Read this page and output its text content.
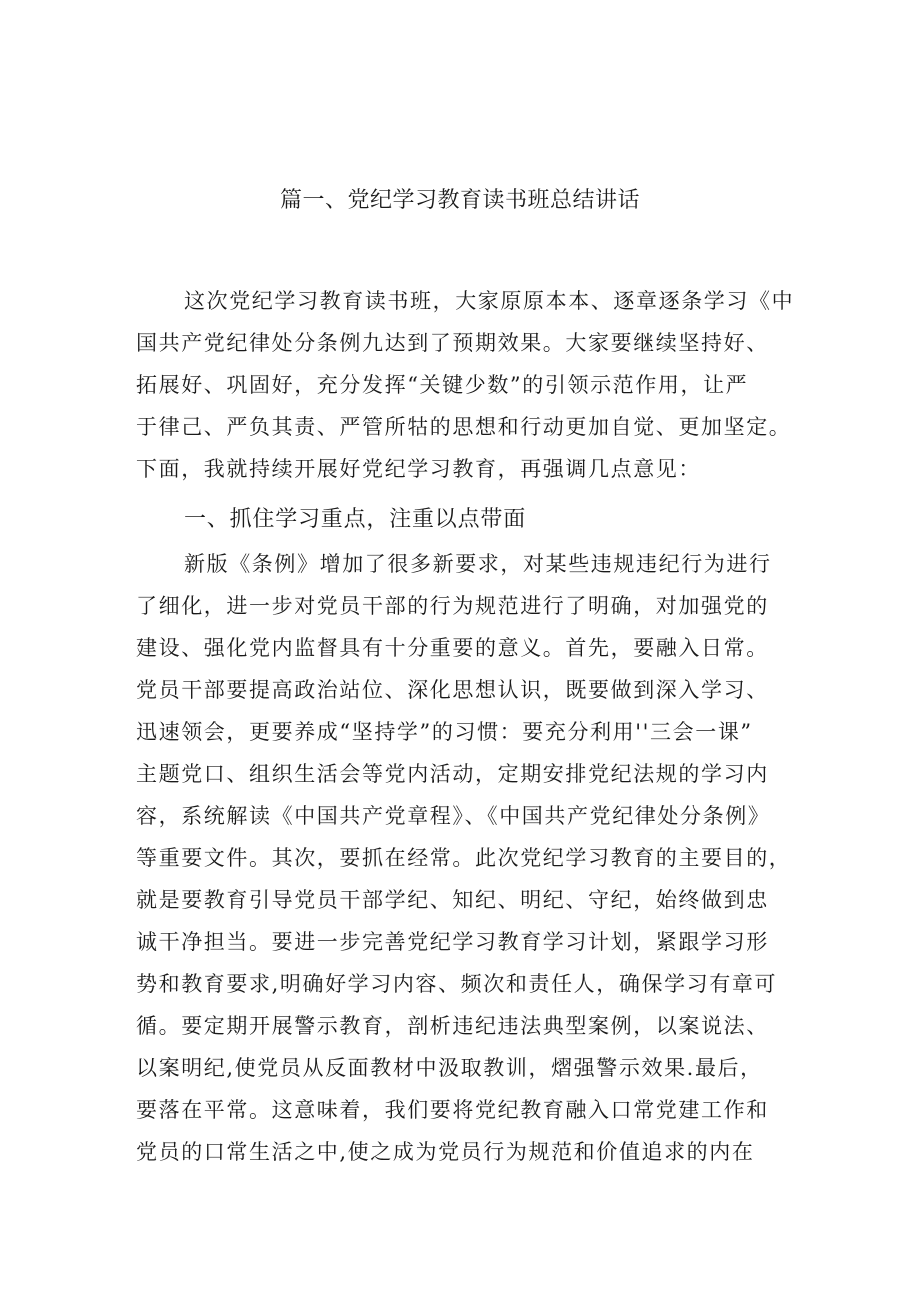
篇一、党纪学习教育读书班总结讲话
这次党纪学习教育读书班，大家原原本本、逐章逐条学习《中
国共产党纪律处分条例九达到了预期效果。大家要继续坚持好、
拓展好、巩固好，充分发挥“关键少数”的引领示范作用，让严
于律己、严负其责、严管所牯的思想和行动更加自觉、更加坚定。
下面，我就持续开展好党纪学习教育，再强调几点意见：
一、抓住学习重点，注重以点带面
新版《条例》增加了很多新要求，对某些违规违纪行为进行
了细化，进一步对党员干部的行为规范进行了明确，对加强党的
建设、强化党内监督具有十分重要的意义。首先，要融入日常。
党员干部要提高政治站位、深化思想认识，既要做到深入学习、
迅速领会，更要养成“坚持学”的习惯：要充分利用''三会一课”
主题党口、组织生活会等党内活动，定期安排党纪法规的学习内
容，系统解读《中国共产党章程》、《中国共产党纪律处分条例》
等重要文件。其次，要抓在经常。此次党纪学习教育的主要目的，
就是要教育引导党员干部学纪、知纪、明纪、守纪，始终做到忠
诚干净担当。要进一步完善党纪学习教育学习计划，紧跟学习形
势和教育要求,明确好学习内容、频次和责任人，确保学习有章可
循。要定期开展警示教育，剖析违纪违法典型案例，以案说法、
以案明纪,使党员从反面教材中汲取教训，熠强警示效果.最后，
要落在平常。这意味着，我们要将党纪教育融入口常党建工作和
党员的口常生活之中,使之成为党员行为规范和价值追求的内在
